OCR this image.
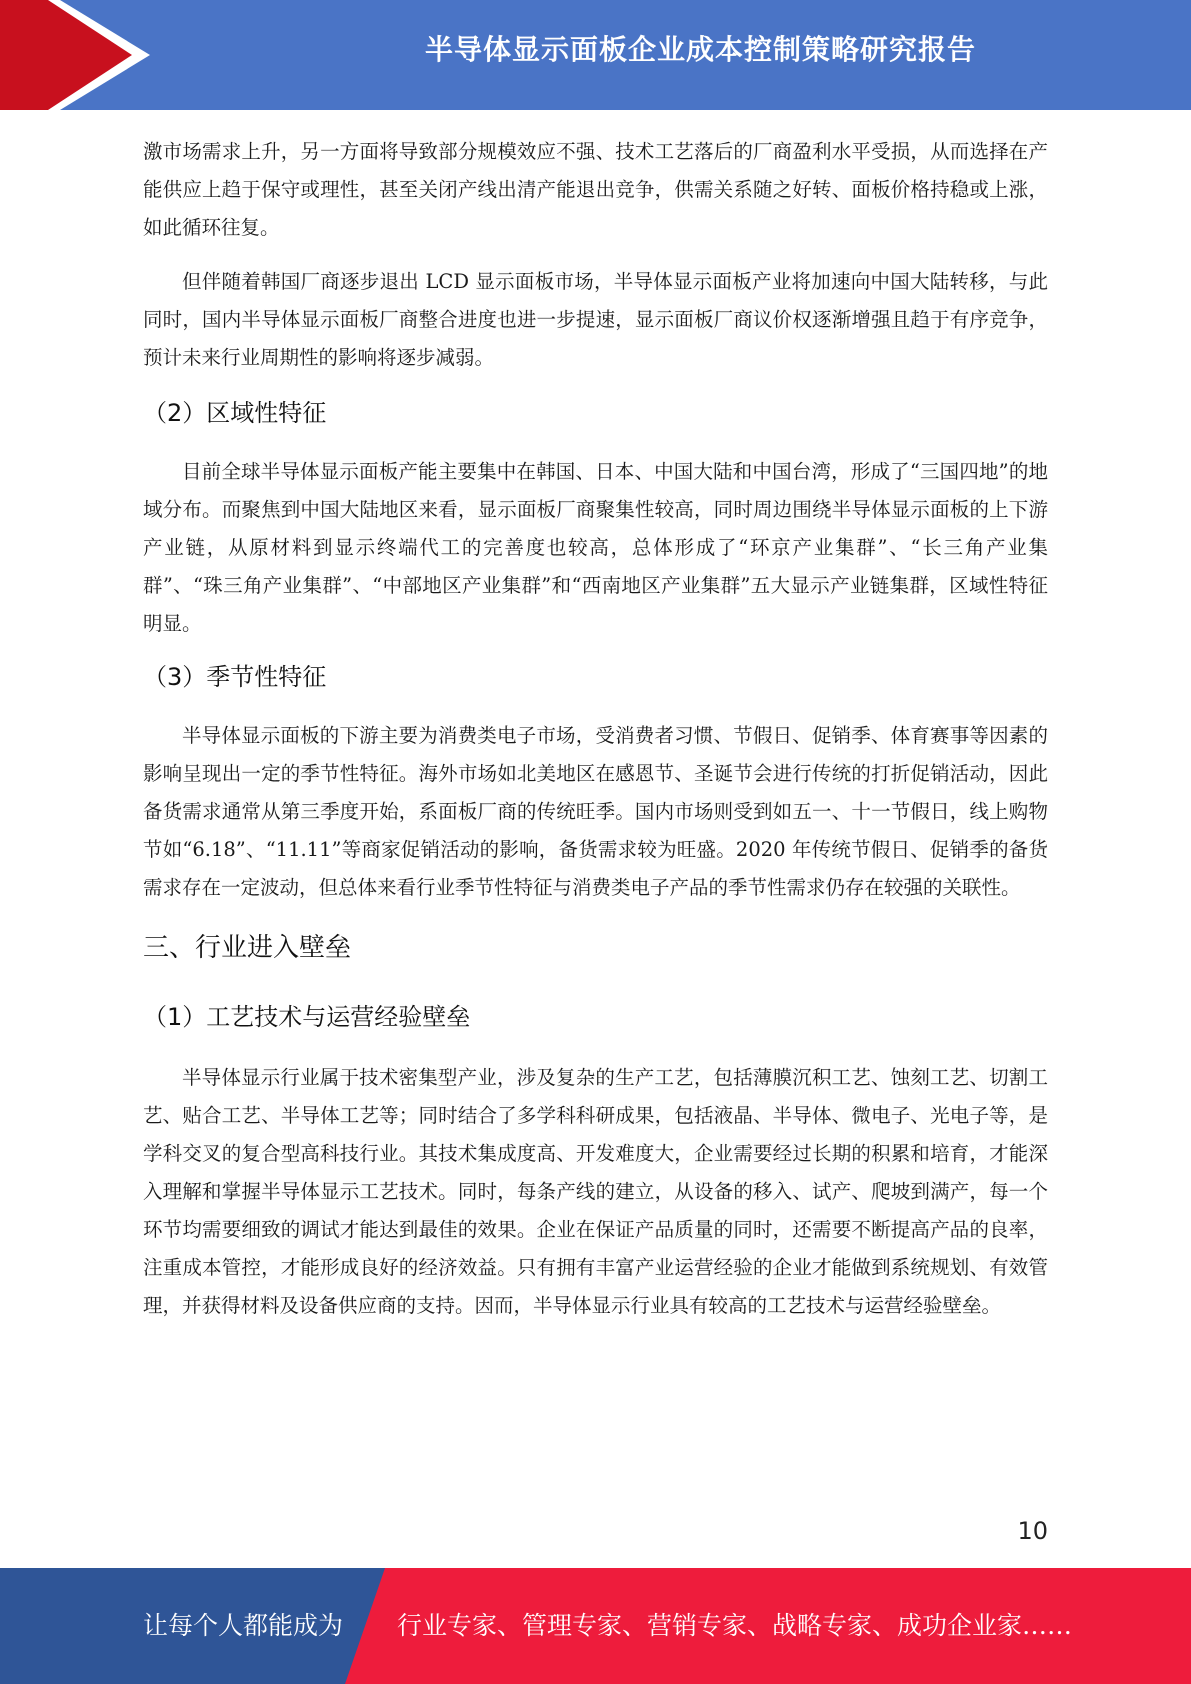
半导体显示面板企业成本控制策略研究报告

激市场需求上升，另一方面将导致部分规模效应不强、技术工艺落后的厂商盈利水平受损，从而选择在产能供应上趋于保守或理性，甚至关闭产线出清产能退出竞争，供需关系随之好转、面板价格持稳或上涨，如此循环往复。

但伴随着韩国厂商逐步退出 LCD 显示面板市场，半导体显示面板产业将加速向中国大陆转移，与此同时，国内半导体显示面板厂商整合进度也进一步提速，显示面板厂商议价权逐渐增强且趋于有序竞争，预计未来行业周期性的影响将逐步减弱。

（2）区域性特征

目前全球半导体显示面板产能主要集中在韩国、日本、中国大陆和中国台湾，形成了“三国四地”的地域分布。而聚焦到中国大陆地区来看，显示面板厂商聚集性较高，同时周边围绕半导体显示面板的上下游产业链，从原材料到显示终端代工的完善度也较高，总体形成了“环京产业集群”、“长三角产业集群”、“珠三角产业集群”、“中部地区产业集群”和“西南地区产业集群”五大显示产业链集群，区域性特征明显。

（3）季节性特征

半导体显示面板的下游主要为消费类电子市场，受消费者习惯、节假日、促销季、体育赛事等因素的影响呈现出一定的季节性特征。海外市场如北美地区在感恩节、圣诞节会进行传统的打折促销活动，因此备货需求通常从第三季度开始，系面板厂商的传统旺季。国内市场则受到如五一、十一节假日，线上购物节如“6.18”、“11.11”等商家促销活动的影响，备货需求较为旺盛。2020 年传统节假日、促销季的备货需求存在一定波动，但总体来看行业季节性特征与消费类电子产品的季节性需求仍存在较强的关联性。

三、行业进入壁垒
（1）工艺技术与运营经验壁垒

半导体显示行业属于技术密集型产业，涉及复杂的生产工艺，包括薄膜沉积工艺、蚀刻工艺、切割工艺、贴合工艺、半导体工艺等；同时结合了多学科科研成果，包括液晶、半导体、微电子、光电子等，是学科交叉的复合型高科技行业。其技术集成度高、开发难度大，企业需要经过长期的积累和培育，才能深入理解和掌握半导体显示工艺技术。同时，每条产线的建立，从设备的移入、试产、爬坡到满产，每一个环节均需要细致的调试才能达到最佳的效果。企业在保证产品质量的同时，还需要不断提高产品的良率，注重成本管控，才能形成良好的经济效益。只有拥有丰富产业运营经验的企业才能做到系统规划、有效管理，并获得材料及设备供应商的支持。因而，半导体显示行业具有较高的工艺技术与运营经验壁垒。

10
让每个人都能成为 行业专家、管理专家、营销专家、战略专家、成功企业家……
